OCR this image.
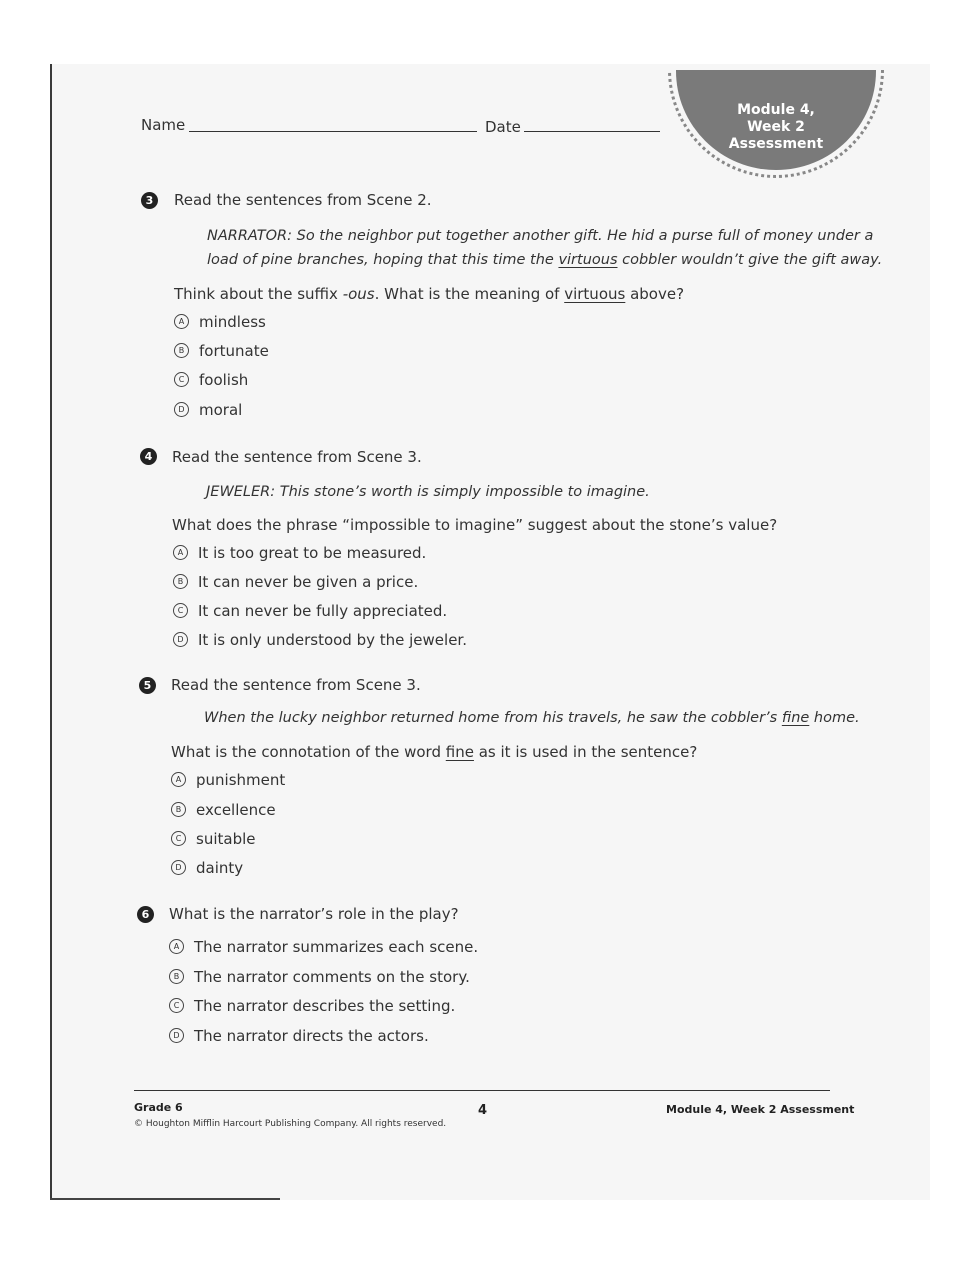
Name	Date
Module 4,
Week 2
Assessment
3	Read the sentences from Scene 2.
NARRATOR: So the neighbor put together another gift. He hid a purse full of money under a
load of pine branches, hoping that this time the virtuous cobbler wouldn’t give the gift away.
Think about the suffix -ous. What is the meaning of virtuous above?
A mindless
B fortunate
C foolish
D moral
4	Read the sentence from Scene 3.
JEWELER: This stone’s worth is simply impossible to imagine.
What does the phrase “impossible to imagine” suggest about the stone’s value?
A It is too great to be measured.
B It can never be given a price.
C It can never be fully appreciated.
D It is only understood by the jeweler.
5	Read the sentence from Scene 3.
When the lucky neighbor returned home from his travels, he saw the cobbler’s fine home.
What is the connotation of the word fine as it is used in the sentence?
A punishment
B excellence
C suitable
D dainty
6	What is the narrator’s role in the play?
A The narrator summarizes each scene.
B The narrator comments on the story.
C The narrator describes the setting.
D The narrator directs the actors.
Grade 6	4	Module 4, Week 2 Assessment
© Houghton Mifflin Harcourt Publishing Company. All rights reserved.
